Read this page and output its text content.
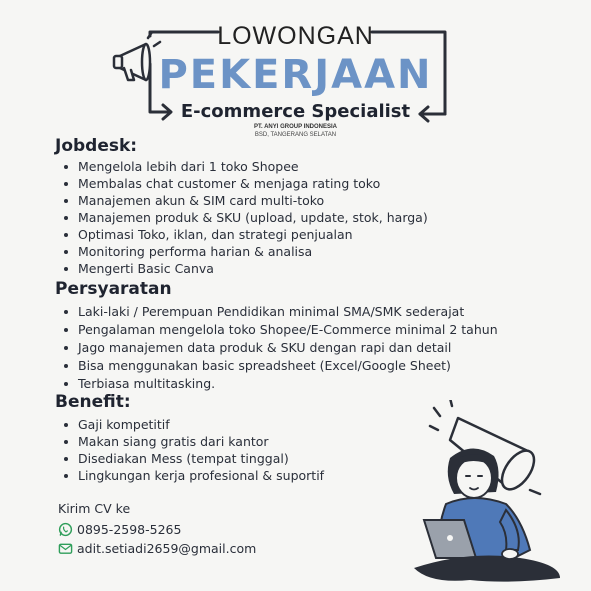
LOWONGAN
PEKERJAAN
E-commerce Specialist
PT. ANYI GROUP INDONESIA
BSD, TANGERANG SELATAN
Jobdesk:
Mengelola lebih dari 1 toko Shopee
Membalas chat customer & menjaga rating toko
Manajemen akun & SIM card multi-toko
Manajemen produk & SKU (upload, update, stok, harga)
Optimasi Toko, iklan, dan strategi penjualan
Monitoring performa harian & analisa
Mengerti Basic Canva
Persyaratan
Laki-laki / Perempuan Pendidikan minimal SMA/SMK sederajat
Pengalaman mengelola toko Shopee/E-Commerce minimal 2 tahun
Jago manajemen data produk & SKU dengan rapi dan detail
Bisa menggunakan basic spreadsheet (Excel/Google Sheet)
Terbiasa multitasking.
Benefit:
Gaji kompetitif
Makan siang gratis dari kantor
Disediakan Mess (tempat tinggal)
Lingkungan kerja profesional & suportif
Kirim CV ke
0895-2598-5265
adit.setiadi2659@gmail.com
